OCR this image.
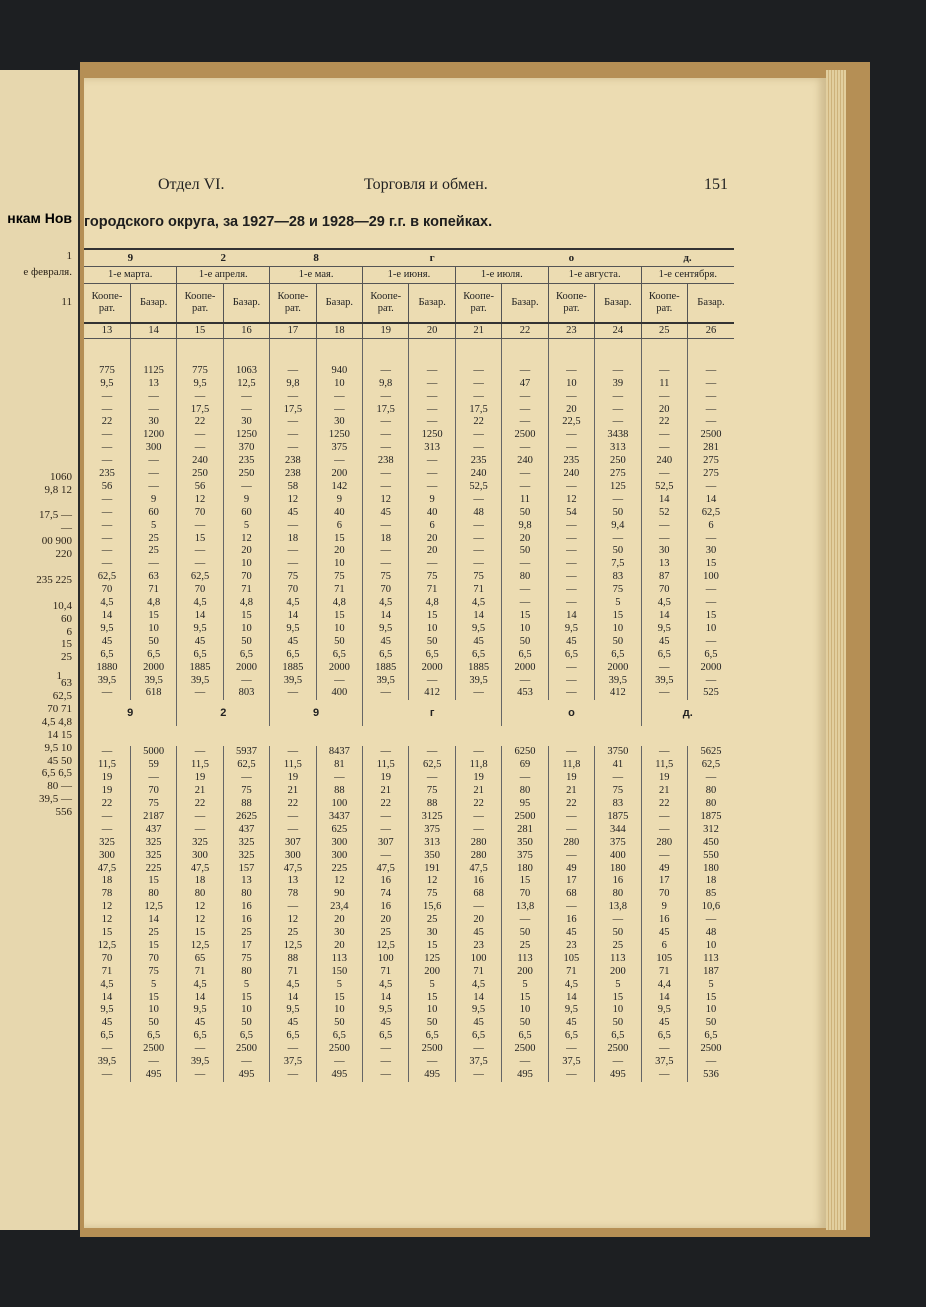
нкам Нов
1
е февраля.
11
1
1060
9,8 12
17,5 —
—
00 900
220
235 225
10,4
60
6
15
25
63
62,5
70 71
4,5 4,8
14 15
9,5 10
45 50
6,5 6,5
80 —
39,5 —
556
Отдел VI.	Торговля и обмен.	151
городского округа, за 1927—28 и 1928—29 г.г. в копейках.
9		2		8		г			о			д.	
1-е марта.		1-е апреля.		1-е мая.		1-е июня.		1-е июля.		1-е августа.		1-е сентября.	
Коопе-
рат.	Базар.	Коопе-
рат.	Базар.	Коопе-
рат.	Базар.	Коопе-
рат.	Базар.	Коопе-
рат.	Базар.	Коопе-
рат.	Базар.	Коопе-
рат.	Базар.
13	14	15	16	17	18	19	20	21	22	23	24	25	26

775	1125	775	1063	—	940	—	—	—	—	—	—	—	—
9,5	13	9,5	12,5	9,8	10	9,8	—	—	47	10	39	11	—
—	—	—	—	—	—	—	—	—	—	—	—	—	—
—	—	17,5	—	17,5	—	17,5	—	17,5	—	20	—	20	—
22	30	22	30	—	30	—	—	22	—	22,5	—	22	—
—	1200	—	1250	—	1250	—	1250	—	2500	—	3438	—	2500
—	300	—	370	—	375	—	313	—	—	—	313	—	281
—	—	240	235	238	—	238	—	235	240	235	250	240	275
235	—	250	250	238	200	—	—	240	—	240	275	—	275
56	—	56	—	58	142	—	—	52,5	—	—	125	52,5	—
—	9	12	9	12	9	12	9	—	11	12	—	14	14
—	60	70	60	45	40	45	40	48	50	54	50	52	62,5
—	5	—	5	—	6	—	6	—	9,8	—	9,4	—	6
—	25	15	12	18	15	18	20	—	20	—	—	—	—
—	25	—	20	—	20	—	20	—	50	—	50	30	30
—	—	—	10	—	10	—	—	—	—	—	7,5	13	15
62,5	63	62,5	70	75	75	75	75	75	80	—	83	87	100
70	71	70	71	70	71	70	71	71	—	—	75	70	—
4,5	4,8	4,5	4,8	4,5	4,8	4,5	4,8	4,5	—	—	5	4,5	—
14	15	14	15	14	15	14	15	14	15	14	15	14	15
9,5	10	9,5	10	9,5	10	9,5	10	9,5	10	9,5	10	9,5	10
45	50	45	50	45	50	45	50	45	50	45	50	45	—
6,5	6,5	6,5	6,5	6,5	6,5	6,5	6,5	6,5	6,5	6,5	6,5	6,5	6,5
1880	2000	1885	2000	1885	2000	1885	2000	1885	2000	—	2000	—	2000
39,5	39,5	39,5	—	39,5	—	39,5	—	39,5	—	—	39,5	39,5	—
—	618	—	803	—	400	—	412	—	453	—	412	—	525
9		2		9		г			о			д.	

—	5000	—	5937	—	8437	—	—	—	6250	—	3750	—	5625
11,5	59	11,5	62,5	11,5	81	11,5	62,5	11,8	69	11,8	41	11,5	62,5
19	—	19	—	19	—	19	—	19	—	19	—	19	—
19	70	21	75	21	88	21	75	21	80	21	75	21	80
22	75	22	88	22	100	22	88	22	95	22	83	22	80
—	2187	—	2625	—	3437	—	3125	—	2500	—	1875	—	1875
—	437	—	437	—	625	—	375	—	281	—	344	—	312
325	325	325	325	307	300	307	313	280	350	280	375	280	450
300	325	300	325	300	300	—	350	280	375	—	400	—	550
47,5	225	47,5	157	47,5	225	47,5	191	47,5	180	49	180	49	180
18	15	18	13	13	12	16	12	16	15	17	16	17	18
78	80	80	80	78	90	74	75	68	70	68	80	70	85
12	12,5	12	16	—	23,4	16	15,6	—	13,8	—	13,8	9	10,6
12	14	12	16	12	20	20	25	20	—	16	—	16	—
15	25	15	25	25	30	25	30	45	50	45	50	45	48
12,5	15	12,5	17	12,5	20	12,5	15	23	25	23	25	6	10
70	70	65	75	88	113	100	125	100	113	105	113	105	113
71	75	71	80	71	150	71	200	71	200	71	200	71	187
4,5	5	4,5	5	4,5	5	4,5	5	4,5	5	4,5	5	4,4	5
14	15	14	15	14	15	14	15	14	15	14	15	14	15
9,5	10	9,5	10	9,5	10	9,5	10	9,5	10	9,5	10	9,5	10
45	50	45	50	45	50	45	50	45	50	45	50	45	50
6,5	6,5	6,5	6,5	6,5	6,5	6,5	6,5	6,5	6,5	6,5	6,5	6,5	6,5
—	2500	—	2500	—	2500	—	2500	—	2500	—	2500	—	2500
39,5	—	39,5	—	37,5	—	—	—	37,5	—	37,5	—	37,5	—
—	495	—	495	—	495	—	495	—	495	—	495	—	536
